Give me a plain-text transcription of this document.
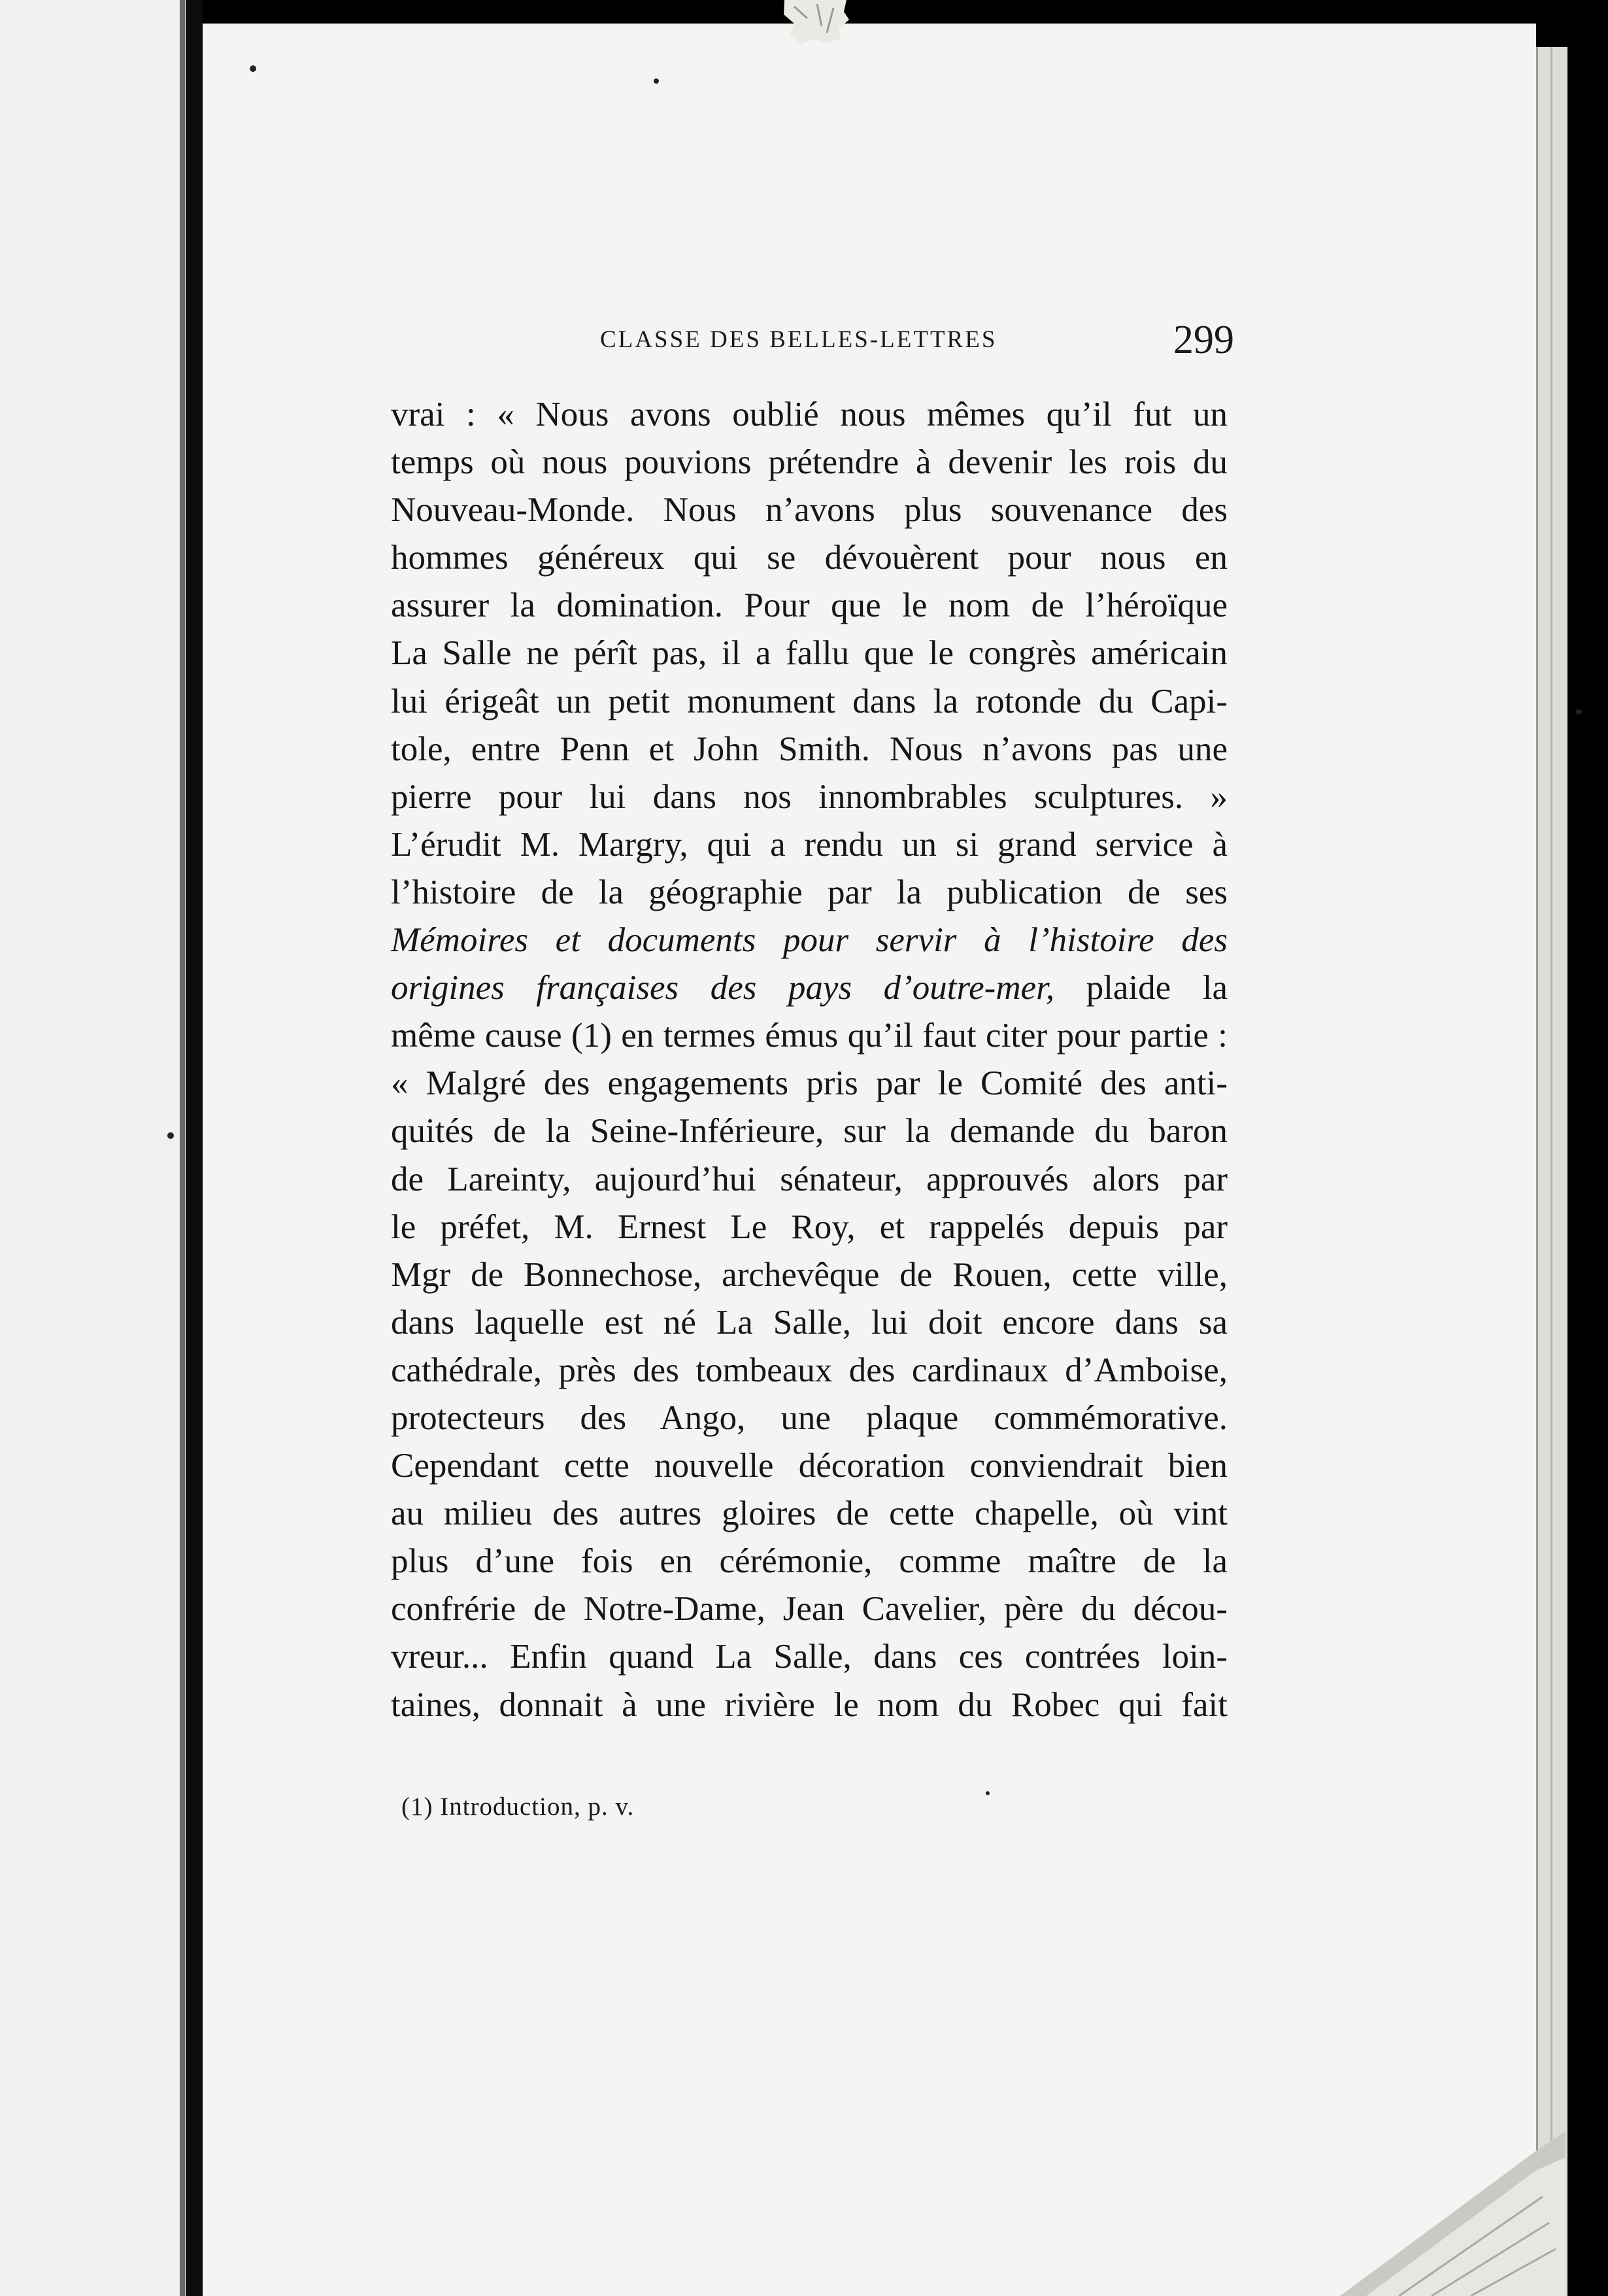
CLASSE DES BELLES-LETTRES	299
vrai : « Nous avons oublié nous mêmes qu’il fut un
temps où nous pouvions prétendre à devenir les rois du
Nouveau-Monde. Nous n’avons plus souvenance des
hommes généreux qui se dévouèrent pour nous en
assurer la domination. Pour que le nom de l’héroïque
La Salle ne pérît pas, il a fallu que le congrès américain
lui érigeât un petit monument dans la rotonde du Capi-
tole, entre Penn et John Smith. Nous n’avons pas une
pierre pour lui dans nos innombrables sculptures. »
L’érudit M. Margry, qui a rendu un si grand service à
l’histoire de la géographie par la publication de ses
Mémoires et documents pour servir à l’histoire des
origines françaises des pays d’outre-mer, plaide la
même cause (1) en termes émus qu’il faut citer pour partie :
« Malgré des engagements pris par le Comité des anti-
quités de la Seine-Inférieure, sur la demande du baron
de Lareinty, aujourd’hui sénateur, approuvés alors par
le préfet, M. Ernest Le Roy, et rappelés depuis par
Mgr de Bonnechose, archevêque de Rouen, cette ville,
dans laquelle est né La Salle, lui doit encore dans sa
cathédrale, près des tombeaux des cardinaux d’Amboise,
protecteurs des Ango, une plaque commémorative.
Cependant cette nouvelle décoration conviendrait bien
au milieu des autres gloires de cette chapelle, où vint
plus d’une fois en cérémonie, comme maître de la
confrérie de Notre-Dame, Jean Cavelier, père du décou-
vreur... Enfin quand La Salle, dans ces contrées loin-
taines, donnait à une rivière le nom du Robec qui fait
(1) Introduction, p. v.
